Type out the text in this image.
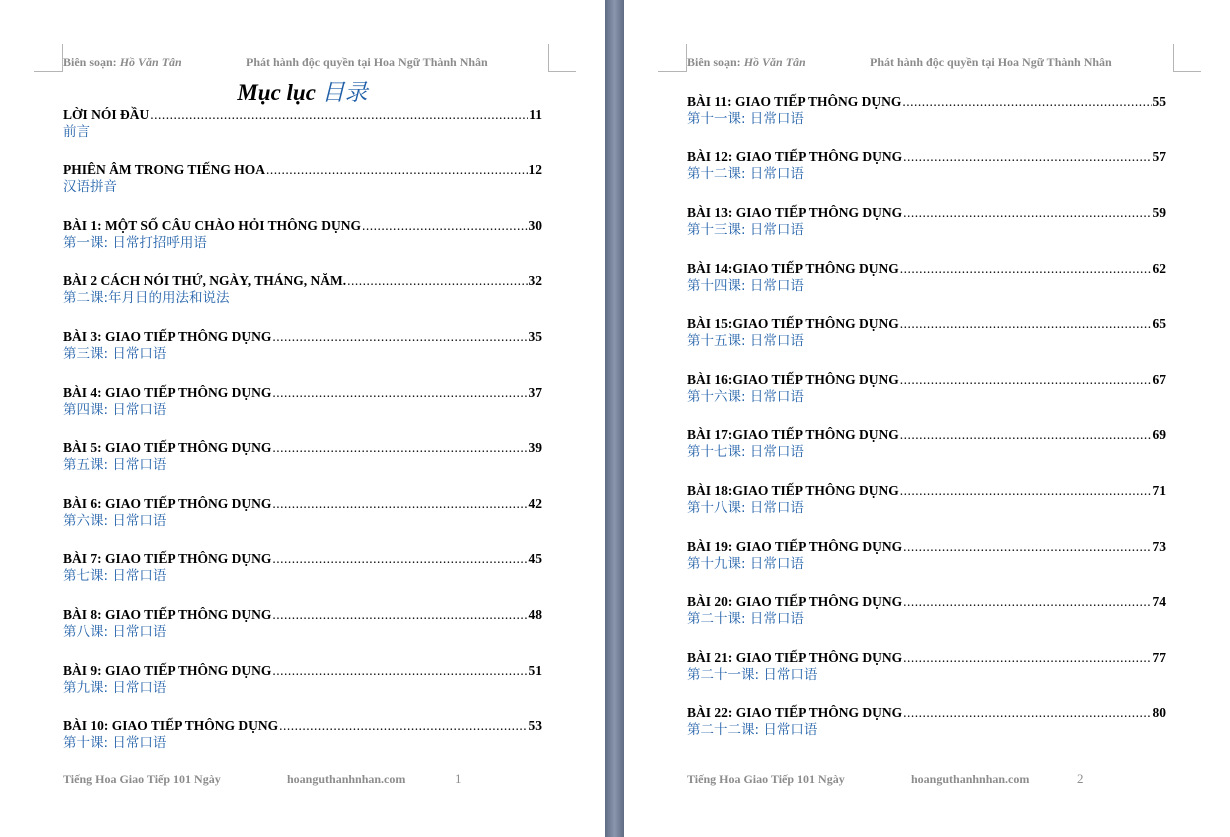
Biên soạn: Hồ Văn Tân	Phát hành độc quyền tại Hoa Ngữ Thành Nhân
Mục lục 目录
LỜI NÓI ĐẦU .....	11
前言
PHIÊN ÂM TRONG TIẾNG HOA .....	12
汉语拼音
BÀI 1: MỘT SỐ CÂU CHÀO HỎI THÔNG DỤNG .....	30
第一课: 日常打招呼用语
BÀI 2 CÁCH NÓI THỨ, NGÀY, THÁNG, NĂM. .....	32
第二课:年月日的用法和说法
BÀI 3: GIAO TIẾP THÔNG DỤNG .....	35
第三课: 日常口语
BÀI 4: GIAO TIẾP THÔNG DỤNG .....	37
第四课: 日常口语
BÀI 5: GIAO TIẾP THÔNG DỤNG .....	39
第五课: 日常口语
BÀI 6: GIAO TIẾP THÔNG DỤNG .....	42
第六课: 日常口语
BÀI 7: GIAO TIẾP THÔNG DỤNG .....	45
第七课: 日常口语
BÀI 8: GIAO TIẾP THÔNG DỤNG .....	48
第八课: 日常口语
BÀI 9: GIAO TIẾP THÔNG DỤNG .....	51
第九课: 日常口语
BÀI 10: GIAO TIẾP THÔNG DỤNG .....	53
第十课: 日常口语
Tiếng Hoa Giao Tiếp 101 Ngày	hoanguthanhnhan.com	1
Biên soạn: Hồ Văn Tân	Phát hành độc quyền tại Hoa Ngữ Thành Nhân
BÀI 11: GIAO TIẾP THÔNG DỤNG .....	55
第十一课: 日常口语
BÀI 12: GIAO TIẾP THÔNG DỤNG .....	57
第十二课: 日常口语
BÀI 13: GIAO TIẾP THÔNG DỤNG .....	59
第十三课: 日常口语
BÀI 14:GIAO TIẾP THÔNG DỤNG .....	62
第十四课: 日常口语
BÀI 15:GIAO TIẾP THÔNG DỤNG .....	65
第十五课: 日常口语
BÀI 16:GIAO TIẾP THÔNG DỤNG .....	67
第十六课: 日常口语
BÀI 17:GIAO TIẾP THÔNG DỤNG .....	69
第十七课: 日常口语
BÀI 18:GIAO TIẾP THÔNG DỤNG .....	71
第十八课: 日常口语
BÀI 19: GIAO TIẾP THÔNG DỤNG .....	73
第十九课: 日常口语
BÀI 20: GIAO TIẾP THÔNG DỤNG .....	74
第二十课: 日常口语
BÀI 21: GIAO TIẾP THÔNG DỤNG .....	77
第二十一课: 日常口语
BÀI 22: GIAO TIẾP THÔNG DỤNG .....	80
第二十二课: 日常口语
Tiếng Hoa Giao Tiếp 101 Ngày	hoanguthanhnhan.com	2
